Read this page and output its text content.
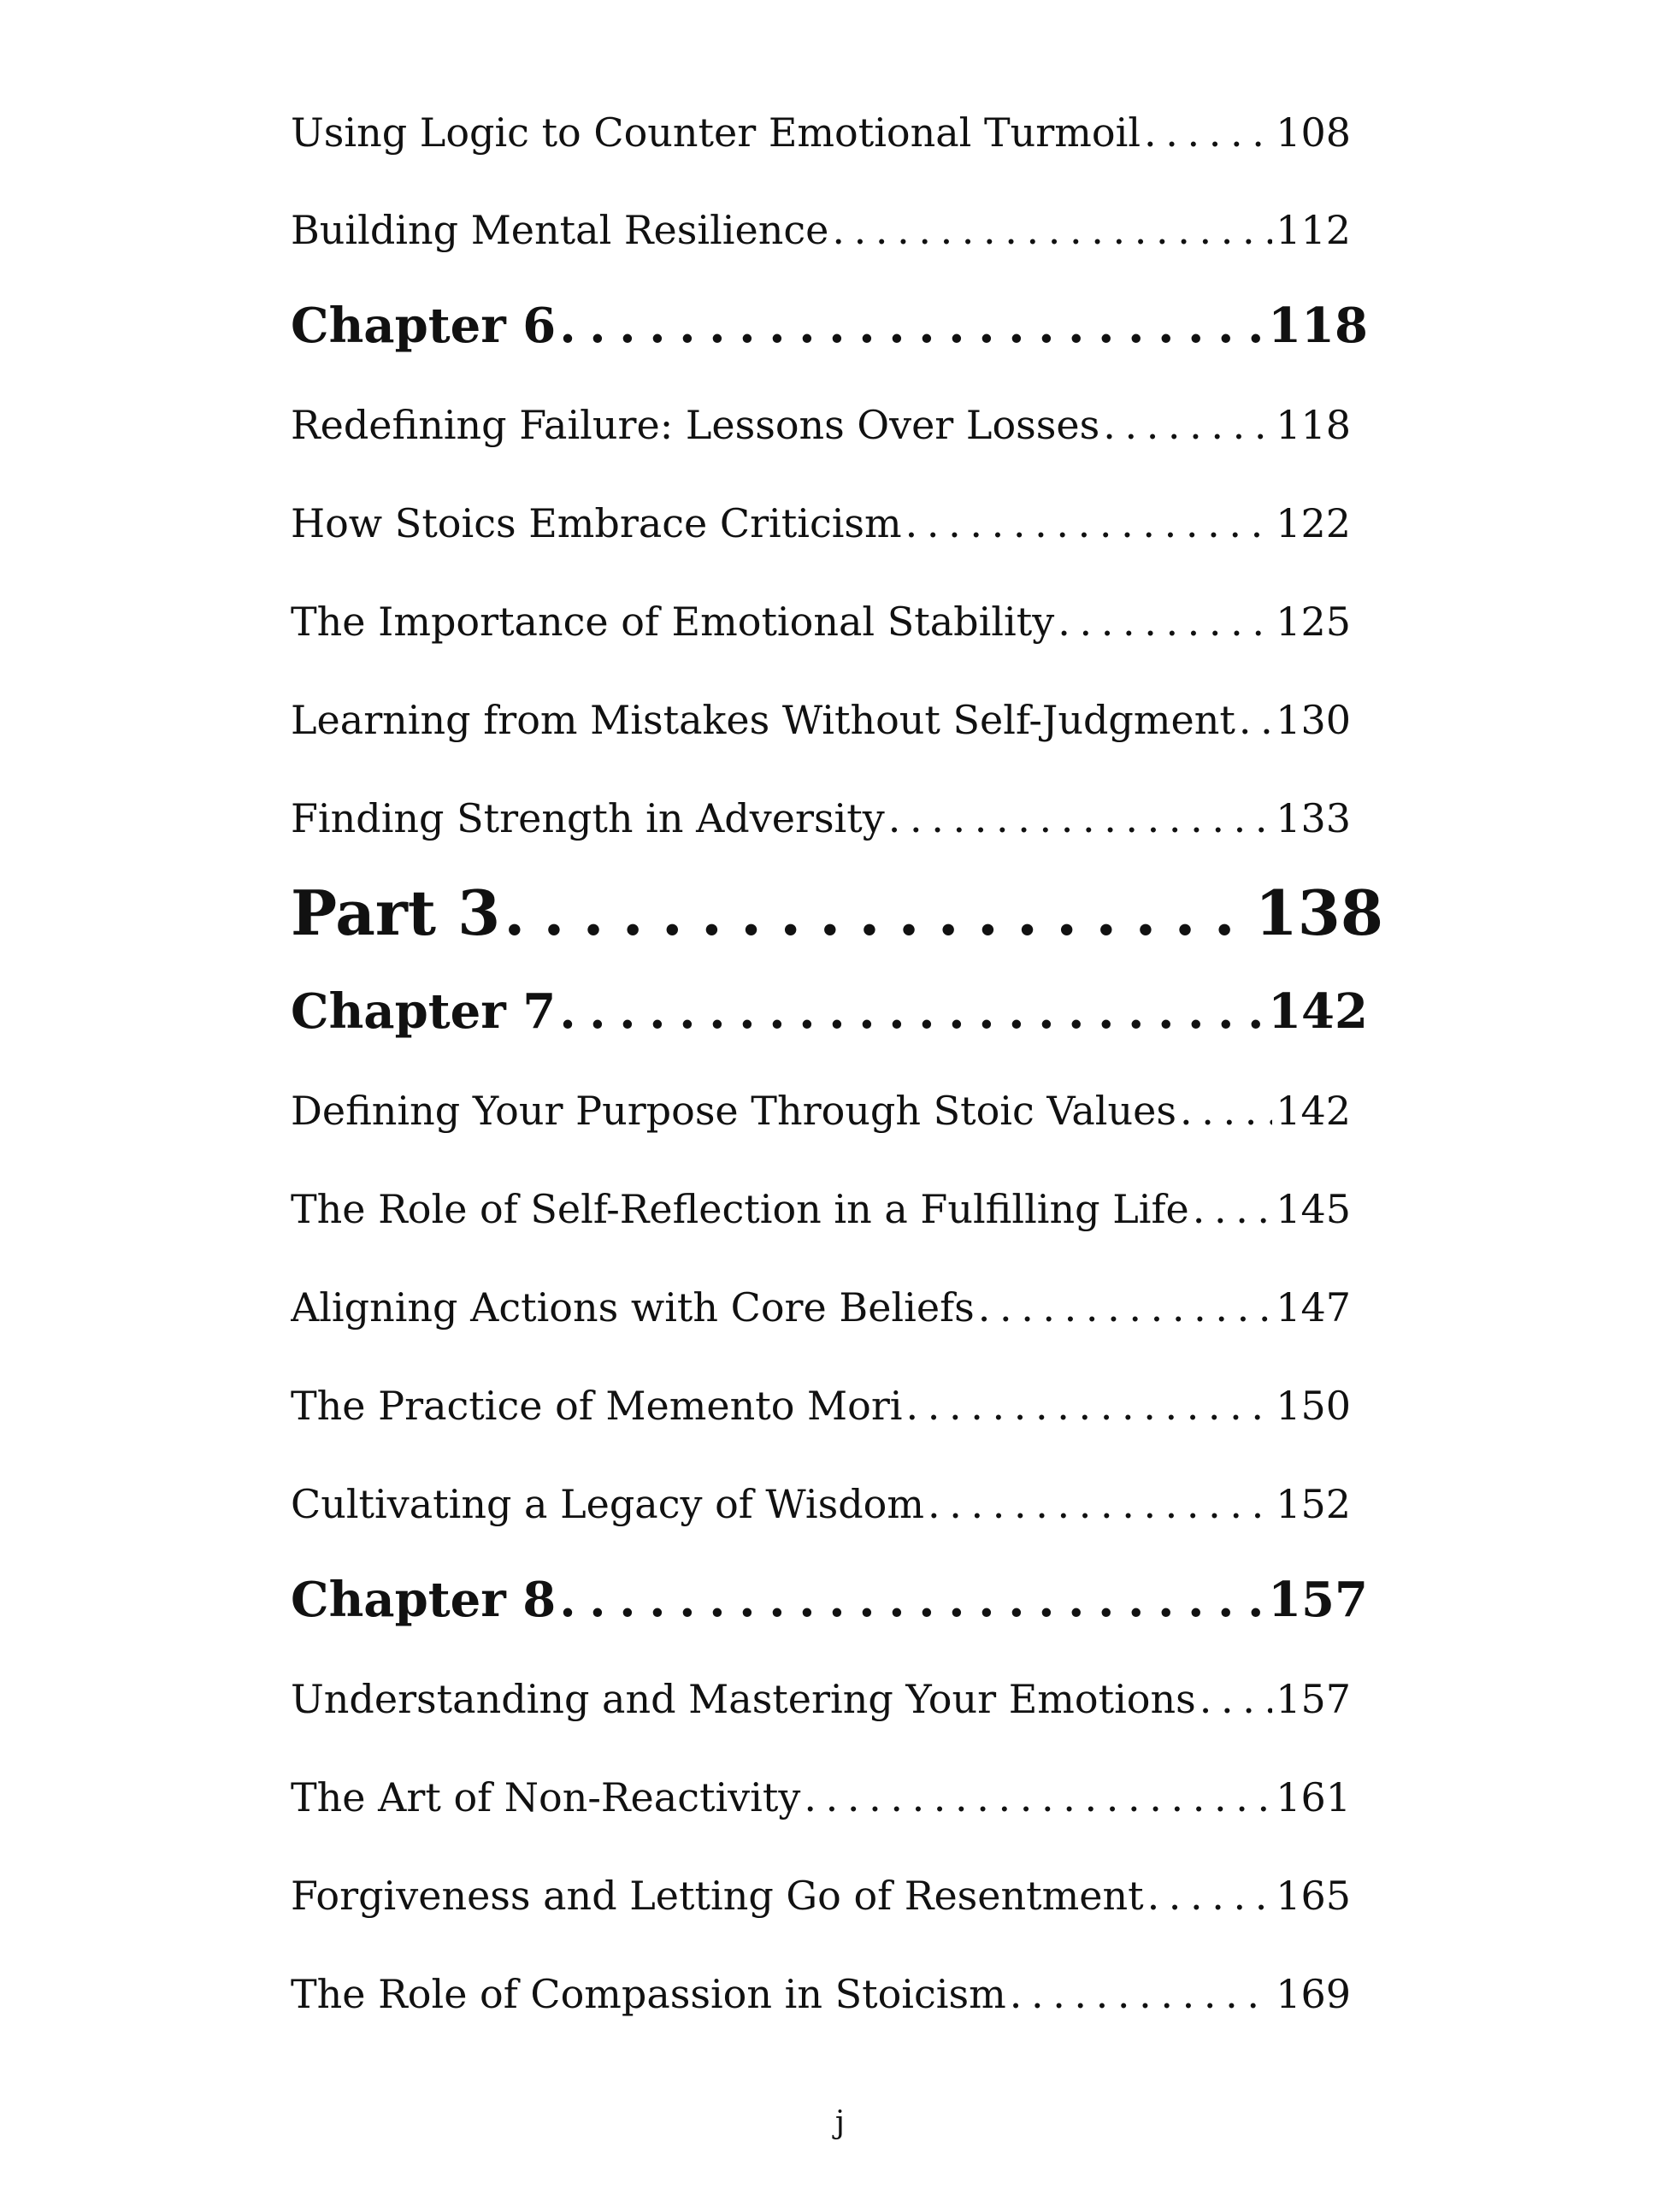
Using Logic to Counter Emotional Turmoil . . .	108
Building Mental Resilience . . .	112
Chapter 6 . . .	118
Redefining Failure: Lessons Over Losses . . .	118
How Stoics Embrace Criticism . . .	122
The Importance of Emotional Stability . . .	125
Learning from Mistakes Without Self-Judgment . . . 130
Finding Strength in Adversity . . .	133
Part 3 . . .	138
Chapter 7 . . .	142
Defining Your Purpose Through Stoic Values . . .	142
The Role of Self-Reflection in a Fulfilling Life . . . 145
Aligning Actions with Core Beliefs . . .	147
The Practice of Memento Mori . . .	150
Cultivating a Legacy of Wisdom . . .	152
Chapter 8 . . .	157
Understanding and Mastering Your Emotions . . . 157
The Art of Non-Reactivity . . .	161
Forgiveness and Letting Go of Resentment . . .	165
The Role of Compassion in Stoicism . . .	169
j
